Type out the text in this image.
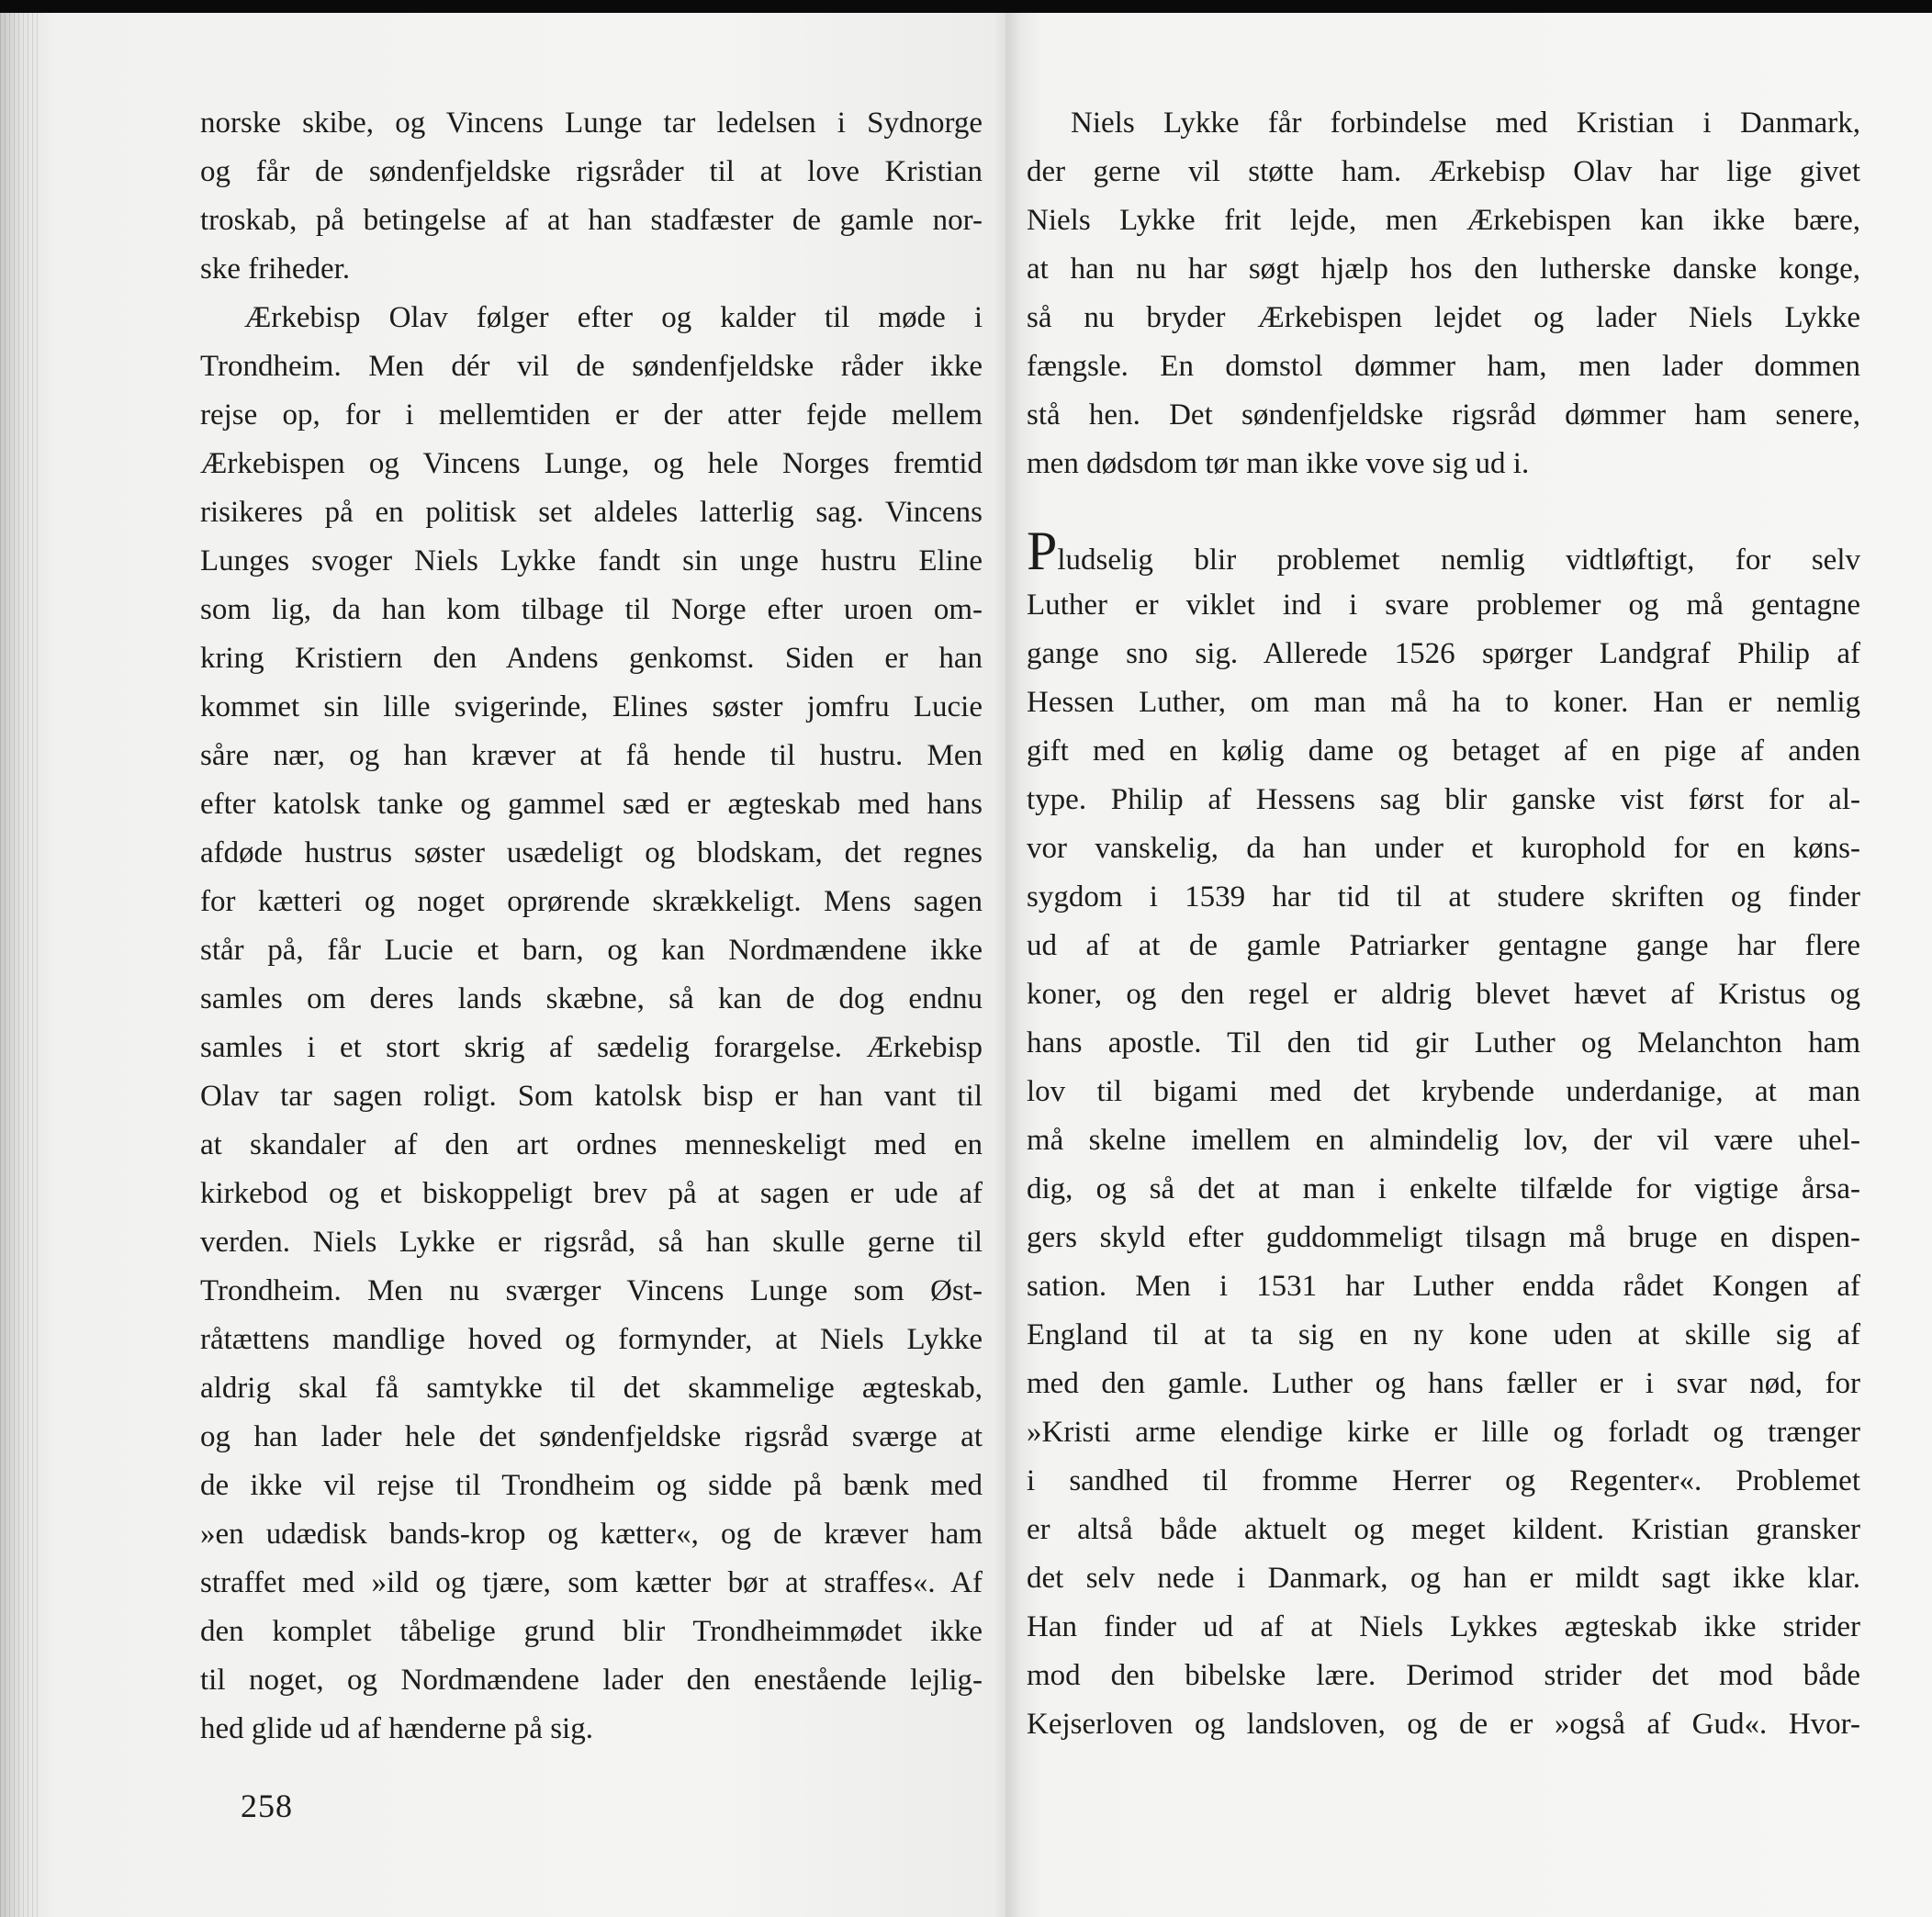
norske skibe, og Vincens Lunge tar ledelsen i Sydnorge
og får de søndenfjeldske rigsråder til at love Kristian
troskab, på betingelse af at han stadfæster de gamle nor-
ske friheder.
Ærkebisp Olav følger efter og kalder til møde i
Trondheim. Men dér vil de søndenfjeldske råder ikke
rejse op, for i mellemtiden er der atter fejde mellem
Ærkebispen og Vincens Lunge, og hele Norges fremtid
risikeres på en politisk set aldeles latterlig sag. Vincens
Lunges svoger Niels Lykke fandt sin unge hustru Eline
som lig, da han kom tilbage til Norge efter uroen om-
kring Kristiern den Andens genkomst. Siden er han
kommet sin lille svigerinde, Elines søster jomfru Lucie
såre nær, og han kræver at få hende til hustru. Men
efter katolsk tanke og gammel sæd er ægteskab med hans
afdøde hustrus søster usædeligt og blodskam, det regnes
for kætteri og noget oprørende skrækkeligt. Mens sagen
står på, får Lucie et barn, og kan Nordmændene ikke
samles om deres lands skæbne, så kan de dog endnu
samles i et stort skrig af sædelig forargelse. Ærkebisp
Olav tar sagen roligt. Som katolsk bisp er han vant til
at skandaler af den art ordnes menneskeligt med en
kirkebod og et biskoppeligt brev på at sagen er ude af
verden. Niels Lykke er rigsråd, så han skulle gerne til
Trondheim. Men nu sværger Vincens Lunge som Øst-
råtættens mandlige hoved og formynder, at Niels Lykke
aldrig skal få samtykke til det skammelige ægteskab,
og han lader hele det søndenfjeldske rigsråd sværge at
de ikke vil rejse til Trondheim og sidde på bænk med
»en udædisk bands-krop og kætter«, og de kræver ham
straffet med »ild og tjære, som kætter bør at straffes«. Af
den komplet tåbelige grund blir Trondheimmødet ikke
til noget, og Nordmændene lader den enestående lejlig-
hed glide ud af hænderne på sig.
258
Niels Lykke får forbindelse med Kristian i Danmark,
der gerne vil støtte ham. Ærkebisp Olav har lige givet
Niels Lykke frit lejde, men Ærkebispen kan ikke bære,
at han nu har søgt hjælp hos den lutherske danske konge,
så nu bryder Ærkebispen lejdet og lader Niels Lykke
fængsle. En domstol dømmer ham, men lader dommen
stå hen. Det søndenfjeldske rigsråd dømmer ham senere,
men dødsdom tør man ikke vove sig ud i.
Pludselig blir problemet nemlig vidtløftigt, for selv
Luther er viklet ind i svare problemer og må gentagne
gange sno sig. Allerede 1526 spørger Landgraf Philip af
Hessen Luther, om man må ha to koner. Han er nemlig
gift med en kølig dame og betaget af en pige af anden
type. Philip af Hessens sag blir ganske vist først for al-
vor vanskelig, da han under et kurophold for en køns-
sygdom i 1539 har tid til at studere skriften og finder
ud af at de gamle Patriarker gentagne gange har flere
koner, og den regel er aldrig blevet hævet af Kristus og
hans apostle. Til den tid gir Luther og Melanchton ham
lov til bigami med det krybende underdanige, at man
må skelne imellem en almindelig lov, der vil være uhel-
dig, og så det at man i enkelte tilfælde for vigtige årsa-
gers skyld efter guddommeligt tilsagn må bruge en dispen-
sation. Men i 1531 har Luther endda rådet Kongen af
England til at ta sig en ny kone uden at skille sig af
med den gamle. Luther og hans fæller er i svar nød, for
»Kristi arme elendige kirke er lille og forladt og trænger
i sandhed til fromme Herrer og Regenter«. Problemet
er altså både aktuelt og meget kildent. Kristian gransker
det selv nede i Danmark, og han er mildt sagt ikke klar.
Han finder ud af at Niels Lykkes ægteskab ikke strider
mod den bibelske lære. Derimod strider det mod både
Kejserloven og landsloven, og de er »også af Gud«. Hvor-
